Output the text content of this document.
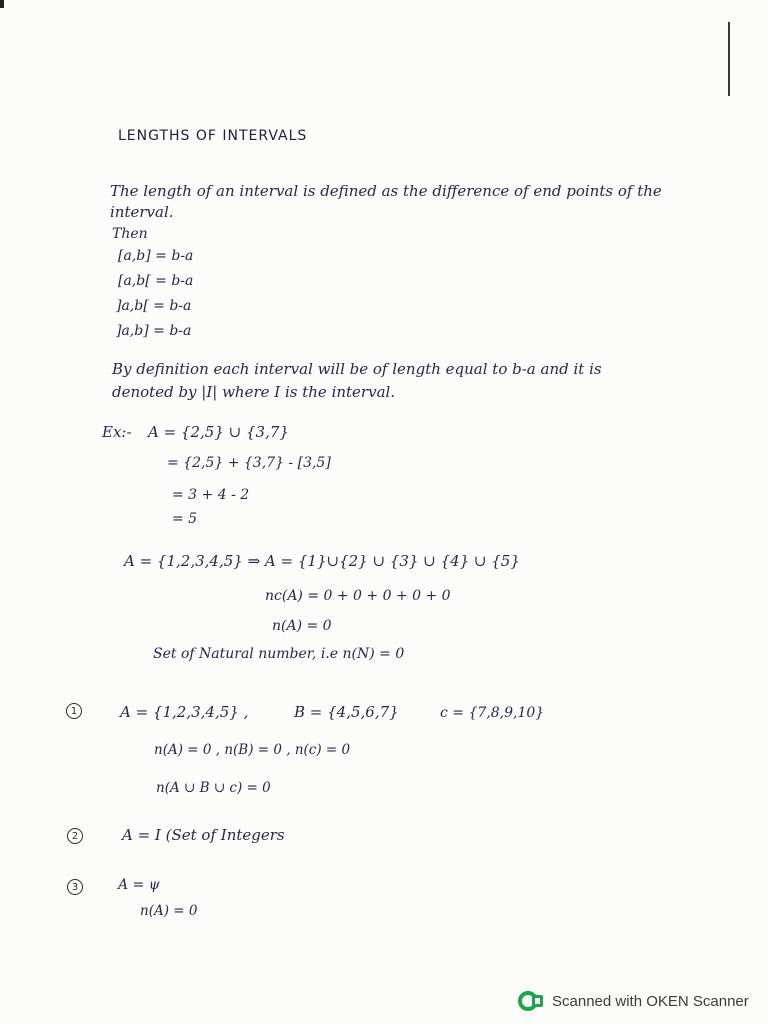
LENGTHS OF INTERVALS
The length of an interval is defined as the difference of end points of the
interval.
Then
[a,b] = b-a
[a,b[ = b-a
]a,b[ = b-a
]a,b] = b-a
By definition each interval will be of length equal to b-a and it is
denoted by |I| where I is the interval.
Ex:- A = {2,5} ∪ {3,7}
= {2,5} + {3,7} - [3,5]
= 3 + 4 - 2
= 5
A = {1,2,3,4,5} ⇒ A = {1}∪{2} ∪ {3} ∪ {4} ∪ {5}
nc(A) = 0 + 0 + 0 + 0 + 0
n(A) = 0
Set of Natural number, i.e n(N) = 0
1	A = {1,2,3,4,5} ,	B = {4,5,6,7}	c = {7,8,9,10}
n(A) = 0 , n(B) = 0 , n(c) = 0
n(A ∪ B ∪ c) = 0
2	A = I (Set of Integers
3	A = ψ
n(A) = 0
Scanned with OKEN Scanner
